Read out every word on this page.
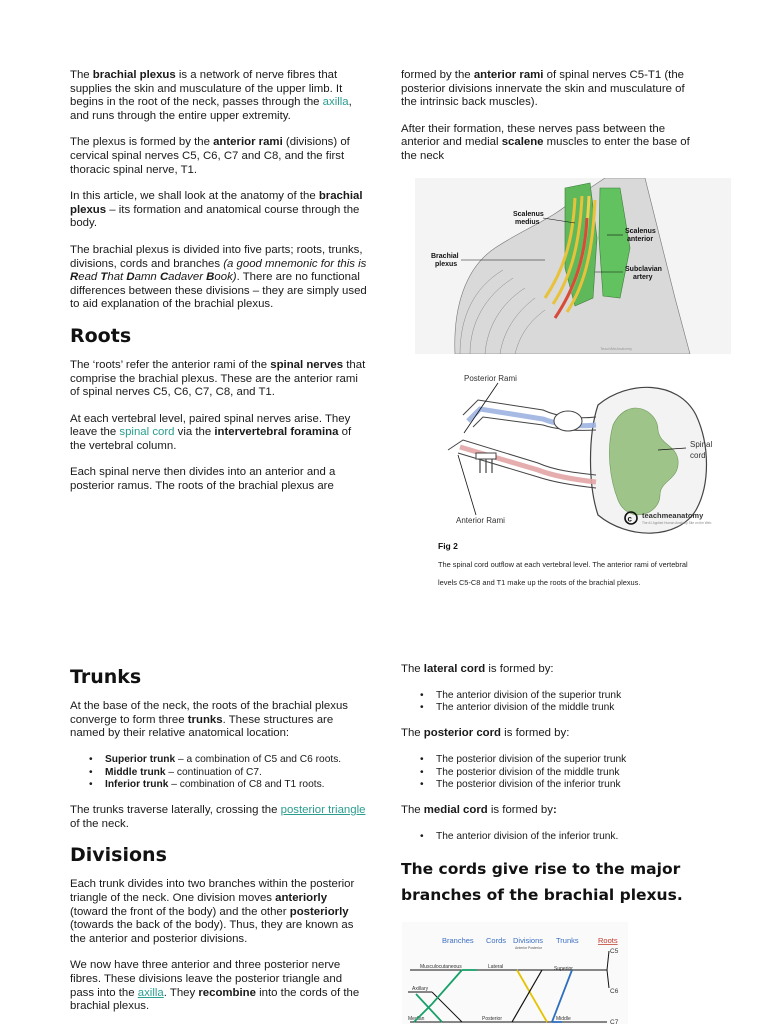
The brachial plexus is a network of nerve fibres that supplies the skin and musculature of the upper limb. It begins in the root of the neck, passes through the axilla, and runs through the entire upper extremity.
The plexus is formed by the anterior rami (divisions) of cervical spinal nerves C5, C6, C7 and C8, and the first thoracic spinal nerve, T1.
In this article, we shall look at the anatomy of the brachial plexus – its formation and anatomical course through the body.
The brachial plexus is divided into five parts; roots, trunks, divisions, cords and branches (a good mnemonic for this is Read That Damn Cadaver Book). There are no functional differences between these divisions – they are simply used to aid explanation of the brachial plexus.
Roots
The ‘roots’ refer the anterior rami of the spinal nerves that comprise the brachial plexus. These are the anterior rami of spinal nerves C5, C6, C7, C8, and T1.
At each vertebral level, paired spinal nerves arise. They leave the spinal cord via the intervertebral foramina of the vertebral column.
Each spinal nerve then divides into an anterior and a posterior ramus. The roots of the brachial plexus are
formed by the anterior rami of spinal nerves C5-T1 (the posterior divisions innervate the skin and musculature of the intrinsic back muscles).
After their formation, these nerves pass between the anterior and medial scalene muscles to enter the base of the neck
Scalenus
medius
Scalenus
anterior
Brachial
plexus
Subclavian
artery
TeachMeAnatomy
Posterior Rami
Anterior Rami
Spinal
cord
c teachmeanatomy
The #1 Applied Human Anatomy Site on the Web.
Fig 2
The spinal cord outflow at each vertebral level. The anterior rami of vertebral
levels C5-C8 and T1 make up the roots of the brachial plexus.
Trunks
At the base of the neck, the roots of the brachial plexus converge to form three trunks. These structures are named by their relative anatomical location:
• Superior trunk – a combination of C5 and C6 roots.
• Middle trunk – continuation of C7.
• Inferior trunk – combination of C8 and T1 roots.
The trunks traverse laterally, crossing the posterior triangle of the neck.
Divisions
Each trunk divides into two branches within the posterior triangle of the neck. One division moves anteriorly (toward the front of the body) and the other posteriorly (towards the back of the body). Thus, they are known as the anterior and posterior divisions.
We now have three anterior and three posterior nerve fibres. These divisions leave the posterior triangle and pass into the axilla. They recombine into the cords of the brachial plexus.
The lateral cord is formed by:
• The anterior division of the superior trunk
• The anterior division of the middle trunk
The posterior cord is formed by:
• The posterior division of the superior trunk
• The posterior division of the middle trunk
• The posterior division of the inferior trunk
The medial cord is formed by:
• The anterior division of the inferior trunk.
The cords give rise to the major branches of the brachial plexus.
Branches Cords Divisions
Anterior Posterior
Trunks	Roots
C5
C6
C7
Musculocutaneous
Axillary
Median
Lateral
Posterior
Superior
Middle
